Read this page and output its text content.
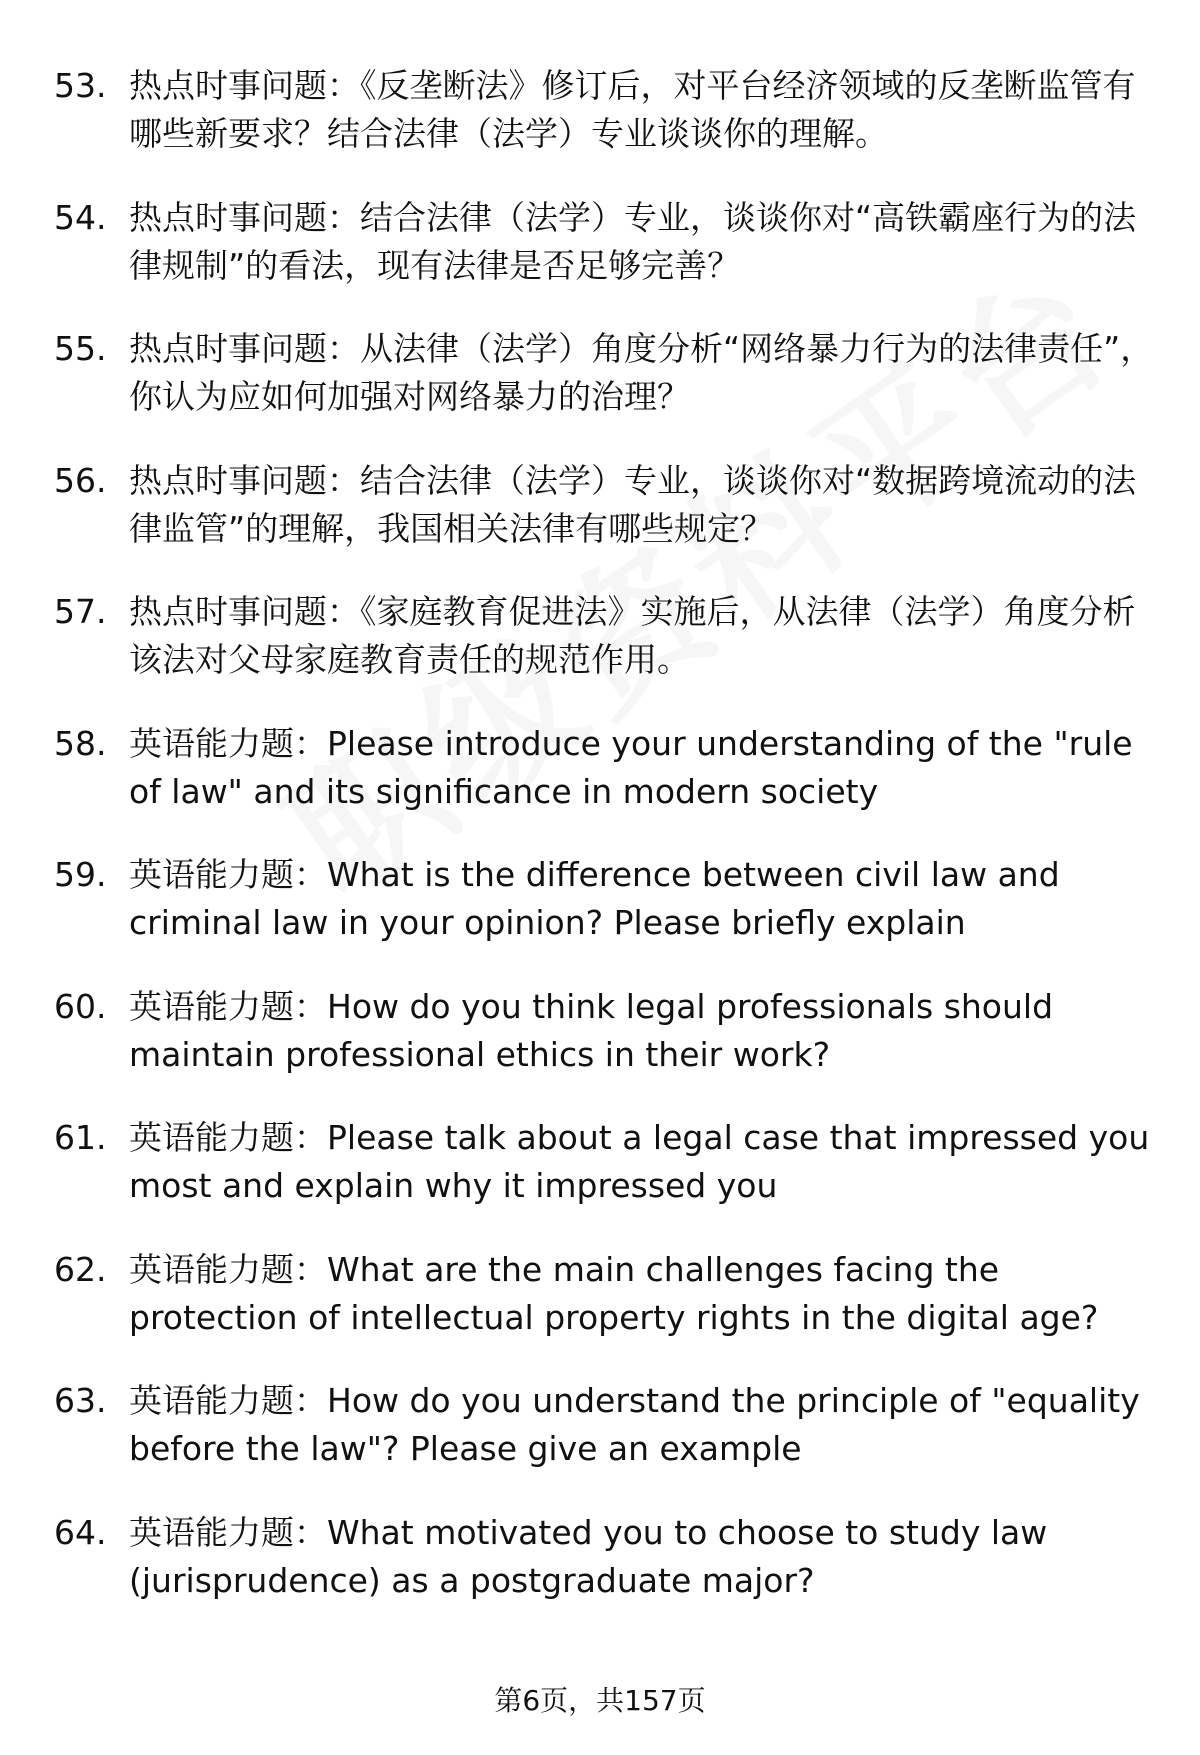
53. 热点时事问题：《反垄断法》修订后，对平台经济领域的反垄断监管有哪些新要求？结合法律（法学）专业谈谈你的理解。
54. 热点时事问题：结合法律（法学）专业，谈谈你对“高铁霸座行为的法律规制”的看法，现有法律是否足够完善？
55. 热点时事问题：从法律（法学）角度分析“网络暴力行为的法律责任”，你认为应如何加强对网络暴力的治理？
56. 热点时事问题：结合法律（法学）专业，谈谈你对“数据跨境流动的法律监管”的理解，我国相关法律有哪些规定？
57. 热点时事问题：《家庭教育促进法》实施后，从法律（法学）角度分析该法对父母家庭教育责任的规范作用。
58. 英语能力题：Please introduce your understanding of the "rule of law" and its significance in modern society
59. 英语能力题：What is the difference between civil law and criminal law in your opinion? Please briefly explain
60. 英语能力题：How do you think legal professionals should maintain professional ethics in their work?
61. 英语能力题：Please talk about a legal case that impressed you most and explain why it impressed you
62. 英语能力题：What are the main challenges facing the protection of intellectual property rights in the digital age?
63. 英语能力题：How do you understand the principle of "equality before the law"? Please give an example
64. 英语能力题：What motivated you to choose to study law (jurisprudence) as a postgraduate major?
第6页，共157页
